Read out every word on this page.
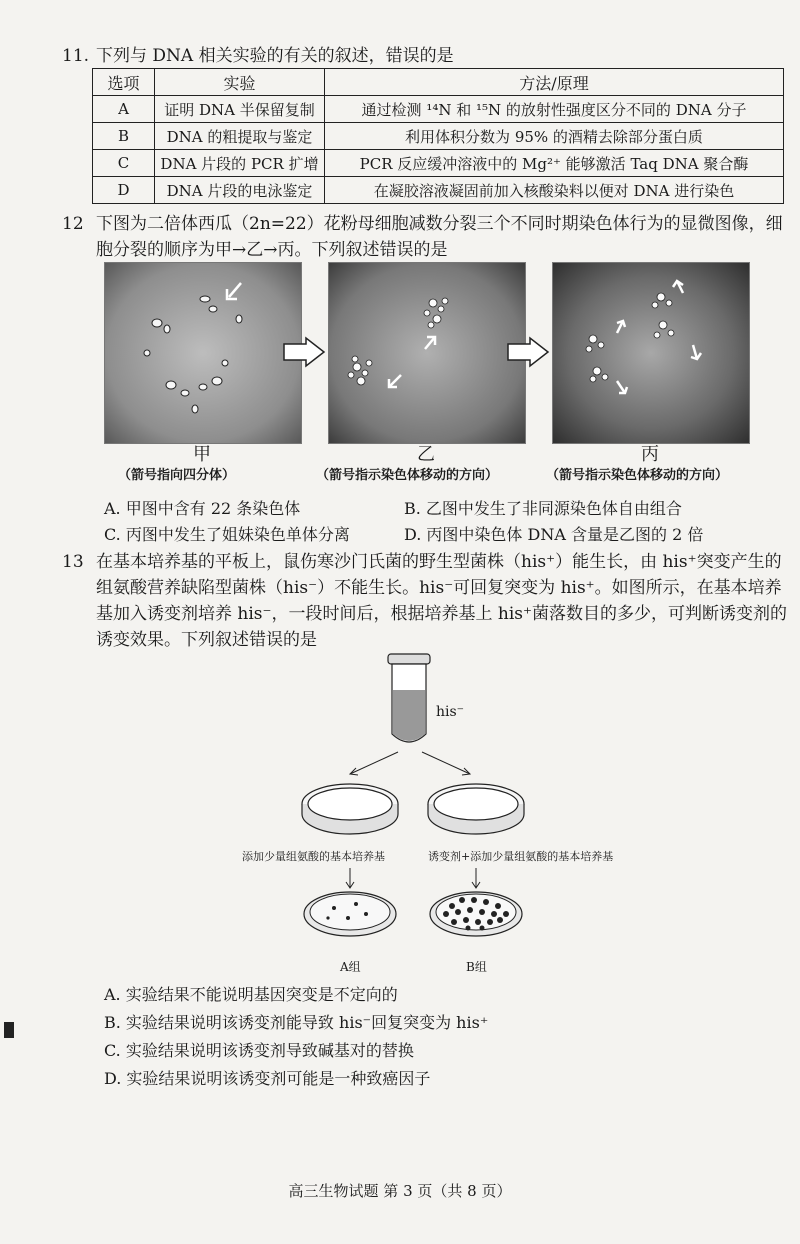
11. 下列与 DNA 相关实验的有关的叙述，错误的是
选项	实验	方法/原理
A	证明 DNA 半保留复制	通过检测 ¹⁴N 和 ¹⁵N 的放射性强度区分不同的 DNA 分子
B	DNA 的粗提取与鉴定	利用体积分数为 95% 的酒精去除部分蛋白质
C	DNA 片段的 PCR 扩增	PCR 反应缓冲溶液中的 Mg²⁺ 能够激活 Taq DNA 聚合酶
D	DNA 片段的电泳鉴定	在凝胶溶液凝固前加入核酸染料以便对 DNA 进行染色
12 下图为二倍体西瓜（2n=22）花粉母细胞减数分裂三个不同时期染色体行为的显微图像，细
胞分裂的顺序为甲→乙→丙。下列叙述错误的是
甲	乙	丙
（箭号指向四分体）	（箭号指示染色体移动的方向）	（箭号指示染色体移动的方向）
A. 甲图中含有 22 条染色体	B. 乙图中发生了非同源染色体自由组合
C. 丙图中发生了姐妹染色单体分离	D. 丙图中染色体 DNA 含量是乙图的 2 倍
13 在基本培养基的平板上，鼠伤寒沙门氏菌的野生型菌株（his⁺）能生长，由 his⁺突变产生的
组氨酸营养缺陷型菌株（his⁻）不能生长。his⁻可回复突变为 his⁺。如图所示，在基本培养
基加入诱变剂培养 his⁻，一段时间后，根据培养基上 his⁺菌落数目的多少，可判断诱变剂的
诱变效果。下列叙述错误的是
his⁻
添加少量组氨酸的基本培养基	诱变剂+添加少量组氨酸的基本培养基
A组	B组
A. 实验结果不能说明基因突变是不定向的
B. 实验结果说明该诱变剂能导致 his⁻回复突变为 his⁺
C. 实验结果说明该诱变剂导致碱基对的替换
D. 实验结果说明该诱变剂可能是一种致癌因子
高三生物试题 第 3 页（共 8 页）
